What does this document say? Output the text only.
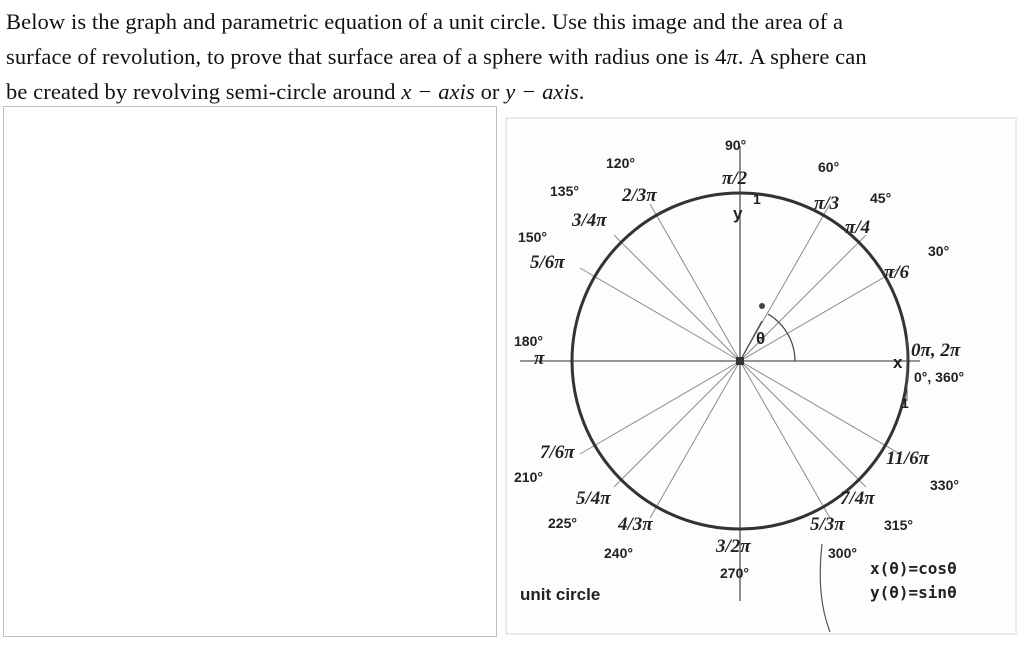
Below is the graph and parametric equation of a unit circle. Use this image and the area of a
surface of revolution, to prove that surface area of a sphere with radius one is 4π. A sphere can
be created by revolving semi-circle around x − axis or y − axis.
θ
x
y
1
1
90°
π/2
60°
π/3 45°
π/4
30°
π/6
0π, 2π
0°, 360°
120°
2/3π
135°
3/4π
150°
5/6π
180°
π
7/6π
210°
5/4π
225° 4/3π
240°	3/2π
270°
5/3π
300°
7/4π
315°
11/6π
330°
unit circle
x(θ)=cosθ
y(θ)=sinθ
